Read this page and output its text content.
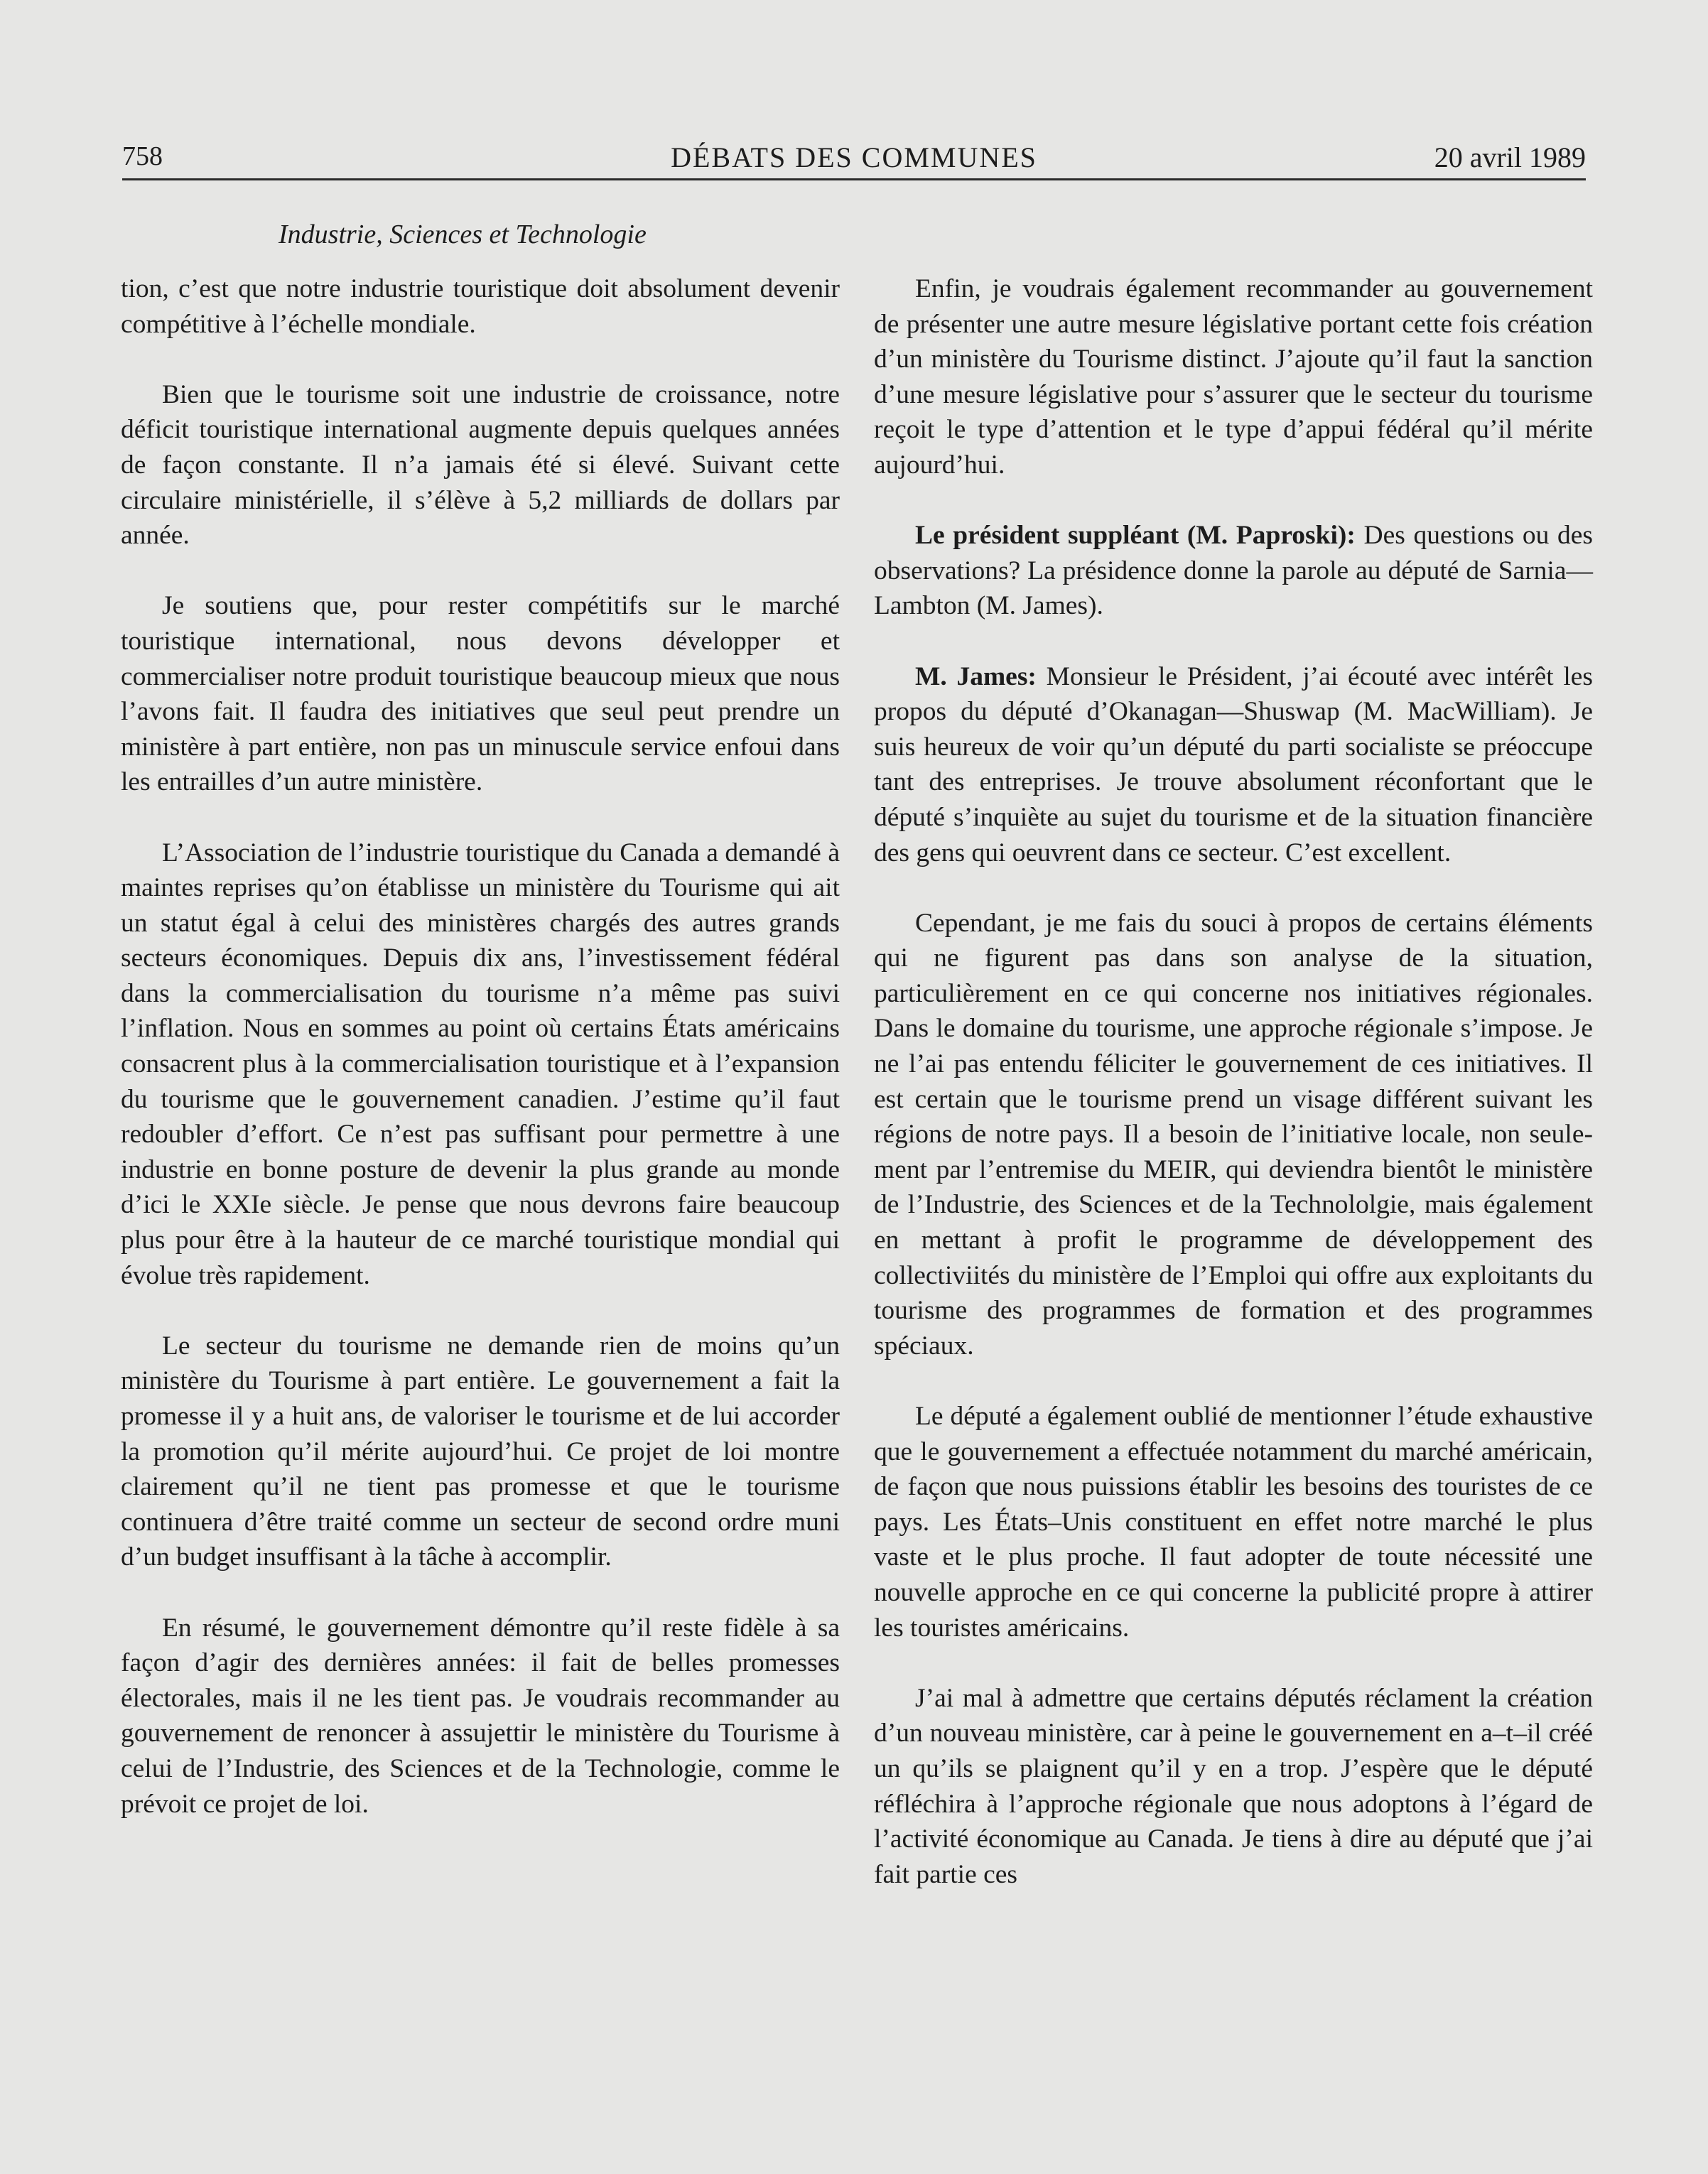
758	DÉBATS DES COMMUNES	20 avril 1989
Industrie, Sciences et Technologie

tion, c’est que notre industrie touristique doit absolument devenir compétitive à l’échelle mondiale.

Bien que le tourisme soit une industrie de croissance, notre déficit touristique international augmente depuis quelques années de façon constante. Il n’a jamais été si élevé. Suivant cette circulaire ministérielle, il s’élève à 5,2 milliards de dollars par année.

Je soutiens que, pour rester compétitifs sur le marché touristique international, nous devons développer et commercialiser notre produit touristique beaucoup mieux que nous l’avons fait. Il faudra des initiatives que seul peut prendre un ministère à part entière, non pas un minuscule service enfoui dans les entrailles d’un autre ministère.

L’Association de l’industrie touristique du Canada a demandé à maintes reprises qu’on établisse un ministère du Tourisme qui ait un statut égal à celui des ministères chargés des autres grands secteurs économiques. Depuis dix ans, l’investissement fédéral dans la commercialisation du tourisme n’a même pas suivi l’inflation. Nous en sommes au point où certains États américains consacrent plus à la commercialisation touristique et à l’expansion du tourisme que le gouvernement canadien. J’estime qu’il faut redoubler d’effort. Ce n’est pas suffisant pour permettre à une industrie en bonne posture de devenir la plus grande au monde d’ici le XXIe siècle. Je pense que nous devrons faire beaucoup plus pour être à la hauteur de ce marché touristique mondial qui évolue très rapidement.

Le secteur du tourisme ne demande rien de moins qu’un ministère du Tourisme à part entière. Le gouvernement a fait la promesse il y a huit ans, de valoriser le tourisme et de lui accorder la promotion qu’il mérite aujourd’hui. Ce projet de loi montre clairement qu’il ne tient pas promesse et que le tourisme continuera d’être traité comme un secteur de second ordre muni d’un budget insuffisant à la tâche à accomplir.

En résumé, le gouvernement démontre qu’il reste fidèle à sa façon d’agir des dernières années: il fait de belles promesses électorales, mais il ne les tient pas. Je voudrais recommander au gouvernement de renoncer à assujettir le ministère du Tourisme à celui de l’Industrie, des Sciences et de la Technologie, comme le prévoit ce projet de loi.

Enfin, je voudrais également recommander au gouvernement de présenter une autre mesure législative portant cette fois création d’un ministère du Tourisme distinct. J’ajoute qu’il faut la sanction d’une mesure législative pour s’assurer que le secteur du tourisme reçoit le type d’attention et le type d’appui fédéral qu’il mérite aujourd’hui.

Le président suppléant (M. Paproski): Des questions ou des observations? La présidence donne la parole au député de Sarnia—Lambton (M. James).

M. James: Monsieur le Président, j’ai écouté avec intérêt les propos du député d’Okanagan—Shuswap (M. MacWilliam). Je suis heureux de voir qu’un député du parti socialiste se préoccupe tant des entreprises. Je trouve absolument réconfortant que le député s’inquiète au sujet du tourisme et de la situation financière des gens qui oeuvrent dans ce secteur. C’est excellent.

Cependant, je me fais du souci à propos de certains éléments qui ne figurent pas dans son analyse de la situation, particulièrement en ce qui concerne nos initiatives régionales. Dans le domaine du tourisme, une approche régionale s’impose. Je ne l’ai pas entendu féliciter le gouvernement de ces initiatives. Il est certain que le tourisme prend un visage différent suivant les régions de notre pays. Il a besoin de l’initiative locale, non seulement par l’entremise du MEIR, qui deviendra bientôt le ministère de l’Industrie, des Sciences et de la Technololgie, mais également en mettant à profit le programme de développement des collectiviités du ministère de l’Emploi qui offre aux exploitants du tourisme des programmes de formation et des programmes spéciaux.

Le député a également oublié de mentionner l’étude exhaustive que le gouvernement a effectuée notamment du marché américain, de façon que nous puissions établir les besoins des touristes de ce pays. Les États–Unis constituent en effet notre marché le plus vaste et le plus proche. Il faut adopter de toute nécessité une nouvelle approche en ce qui concerne la publicité propre à attirer les touristes américains.

J’ai mal à admettre que certains députés réclament la création d’un nouveau ministère, car à peine le gouvernement en a–t–il créé un qu’ils se plaignent qu’il y en a trop. J’espère que le député réfléchira à l’approche régionale que nous adoptons à l’égard de l’activité économique au Canada. Je tiens à dire au député que j’ai fait partie ces
